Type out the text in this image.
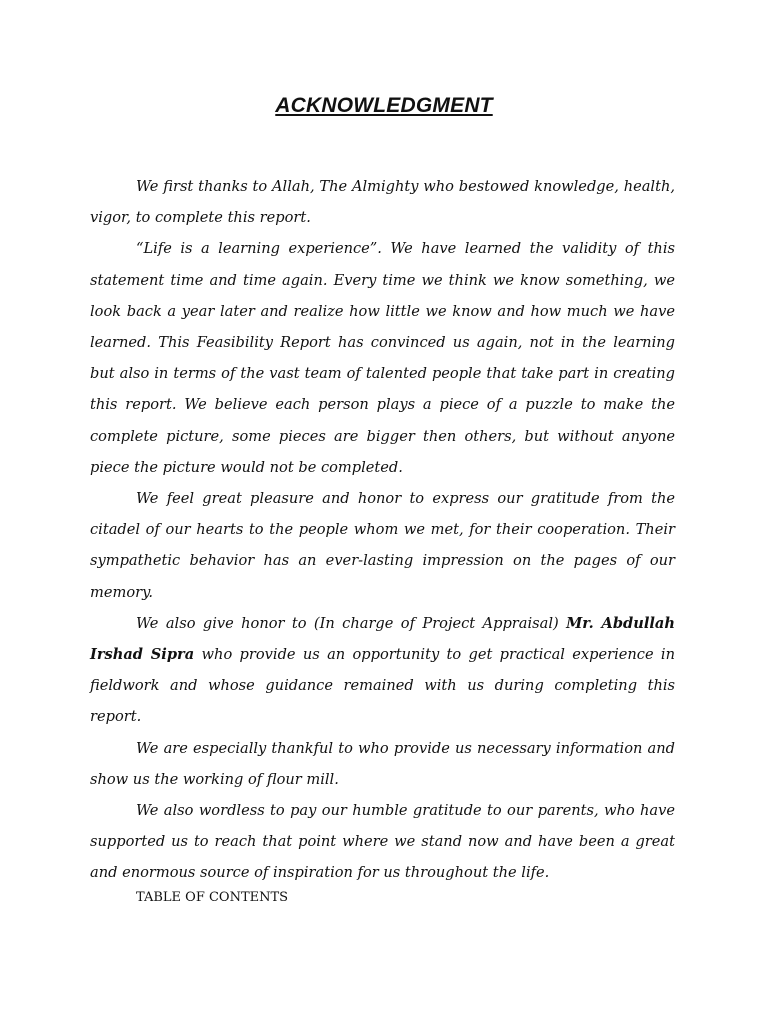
ACKNOWLEDGMENT

We first thanks to Allah, The Almighty who bestowed knowledge, health, vigor, to complete this report.

“Life is a learning experience”. We have learned the validity of this statement time and time again. Every time we think we know something, we look back a year later and realize how little we know and how much we have learned. This Feasibility Report has convinced us again, not in the learning but also in terms of the vast team of talented people that take part in creating this report. We believe each person plays a piece of a puzzle to make the complete picture, some pieces are bigger then others, but without anyone piece the picture would not be completed.

We feel great pleasure and honor to express our gratitude from the citadel of our hearts to the people whom we met, for their cooperation. Their sympathetic behavior has an ever-lasting impression on the pages of our memory.

We also give honor to (In charge of Project Appraisal) Mr. Abdullah Irshad Sipra who provide us an opportunity to get practical experience in fieldwork and whose guidance remained with us during completing this report.

We are especially thankful to who provide us necessary information and show us the working of flour mill.

We also wordless to pay our humble gratitude to our parents, who have supported us to reach that point where we stand now and have been a great and enormous source of inspiration for us throughout the life.

TABLE OF CONTENTS
